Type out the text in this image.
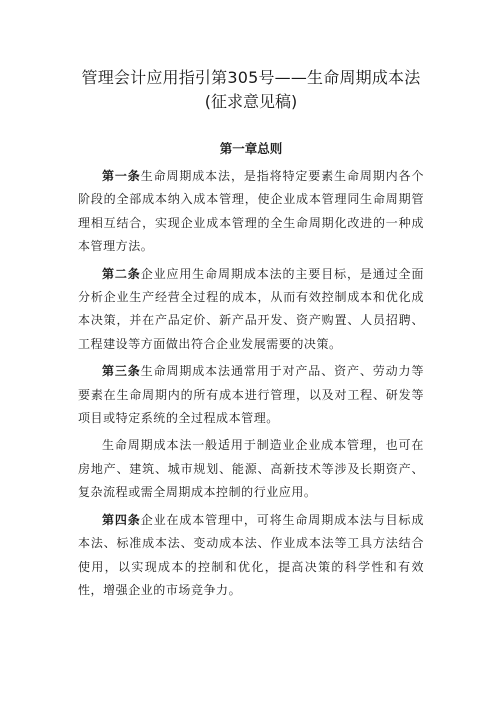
管理会计应用指引第305号——生命周期成本法
(征求意见稿)
第一章总则

第一条生命周期成本法，是指将特定要素生命周期内各个阶段的全部成本纳入成本管理，使企业成本管理同生命周期管理相互结合，实现企业成本管理的全生命周期化改进的一种成本管理方法。

第二条企业应用生命周期成本法的主要目标，是通过全面分析企业生产经营全过程的成本，从而有效控制成本和优化成本决策，并在产品定价、新产品开发、资产购置、人员招聘、工程建设等方面做出符合企业发展需要的决策。

第三条生命周期成本法通常用于对产品、资产、劳动力等要素在生命周期内的所有成本进行管理，以及对工程、研发等项目或特定系统的全过程成本管理。

生命周期成本法一般适用于制造业企业成本管理，也可在房地产、建筑、城市规划、能源、高新技术等涉及长期资产、复杂流程或需全周期成本控制的行业应用。

第四条企业在成本管理中，可将生命周期成本法与目标成本法、标准成本法、变动成本法、作业成本法等工具方法结合使用，以实现成本的控制和优化，提高决策的科学性和有效性，增强企业的市场竞争力。
